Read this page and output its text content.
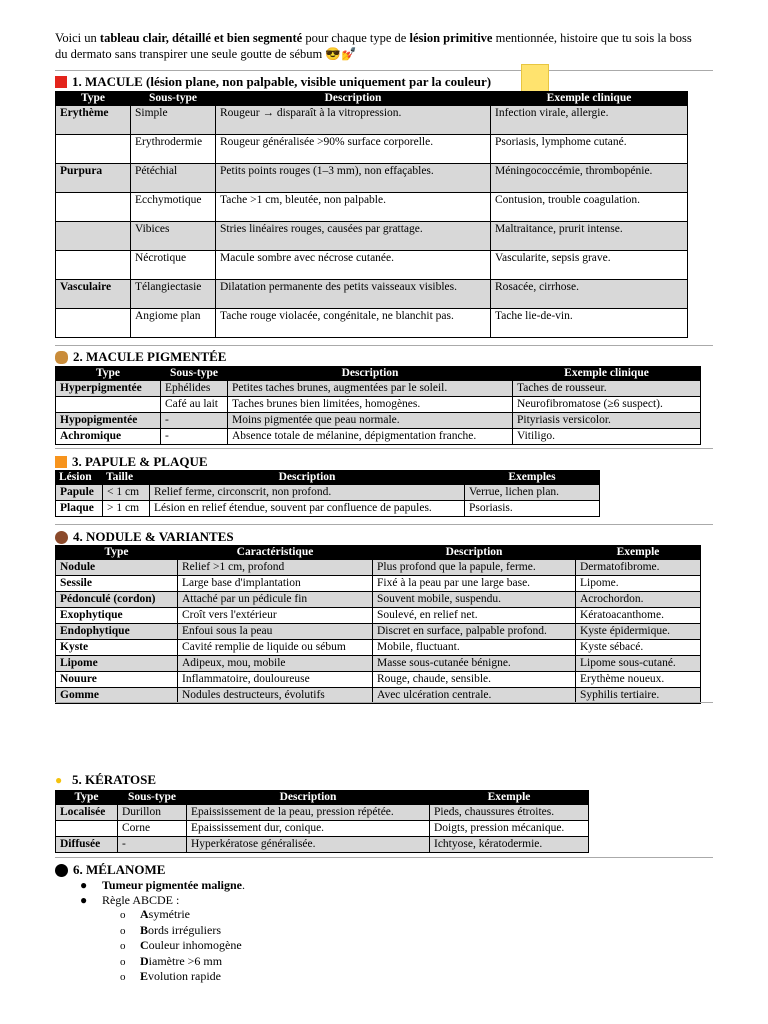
Voici un tableau clair, détaillé et bien segmenté pour chaque type de lésion primitive mentionnée, histoire que tu sois la boss du dermato sans transpirer une seule goutte de sébum 😎💅
1. MACULE (lésion plane, non palpable, visible uniquement par la couleur)
Type	Sous-type	Description	Exemple clinique
Erythème	Simple	Rougeur → disparaît à la vitropression.	Infection virale, allergie.
	Erythrodermie	Rougeur généralisée >90% surface corporelle.	Psoriasis, lymphome cutané.
Purpura	Pétéchial	Petits points rouges (1–3 mm), non effaçables.	Méningococcémie, thrombopénie.
	Ecchymotique	Tache >1 cm, bleutée, non palpable.	Contusion, trouble coagulation.
	Vibices	Stries linéaires rouges, causées par grattage.	Maltraitance, prurit intense.
	Nécrotique	Macule sombre avec nécrose cutanée.	Vascularite, sepsis grave.
Vasculaire	Télangiectasie	Dilatation permanente des petits vaisseaux visibles.	Rosacée, cirrhose.
	Angiome plan	Tache rouge violacée, congénitale, ne blanchit pas.	Tache lie-de-vin.
2. MACULE PIGMENTÉE
Type	Sous-type	Description	Exemple clinique
Hyperpigmentée	Ephélides	Petites taches brunes, augmentées par le soleil.	Taches de rousseur.
	Café au lait	Taches brunes bien limitées, homogènes.	Neurofibromatose (≥6 suspect).
Hypopigmentée	-	Moins pigmentée que peau normale.	Pityriasis versicolor.
Achromique	-	Absence totale de mélanine, dépigmentation franche.	Vitiligo.
3. PAPULE & PLAQUE
Lésion	Taille	Description	Exemples
Papule	< 1 cm	Relief ferme, circonscrit, non profond.	Verrue, lichen plan.
Plaque	> 1 cm	Lésion en relief étendue, souvent par confluence de papules.	Psoriasis.
4. NODULE & VARIANTES
Type	Caractéristique	Description	Exemple
Nodule	Relief >1 cm, profond	Plus profond que la papule, ferme.	Dermatofibrome.
Sessile	Large base d'implantation	Fixé à la peau par une large base.	Lipome.
Pédonculé (cordon)	Attaché par un pédicule fin	Souvent mobile, suspendu.	Acrochordon.
Exophytique	Croît vers l'extérieur	Soulevé, en relief net.	Kératoacanthome.
Endophytique	Enfoui sous la peau	Discret en surface, palpable profond.	Kyste épidermique.
Kyste	Cavité remplie de liquide ou sébum	Mobile, fluctuant.	Kyste sébacé.
Lipome	Adipeux, mou, mobile	Masse sous-cutanée bénigne.	Lipome sous-cutané.
Nouure	Inflammatoire, douloureuse	Rouge, chaude, sensible.	Erythème noueux.
Gomme	Nodules destructeurs, évolutifs	Avec ulcération centrale.	Syphilis tertiaire.
● 5. KÉRATOSE
Type	Sous-type	Description	Exemple
Localisée	Durillon	Epaississement de la peau, pression répétée.	Pieds, chaussures étroites.
	Corne	Epaississement dur, conique.	Doigts, pression mécanique.
Diffusée	-	Hyperkératose généralisée.	Ichtyose, kératodermie.
6. MÉLANOME
●	Tumeur pigmentée maligne.
●	Règle ABCDE :
o	Asymétrie
o	Bords irréguliers
o	Couleur inhomogène
o	Diamètre >6 mm
o	Evolution rapide
